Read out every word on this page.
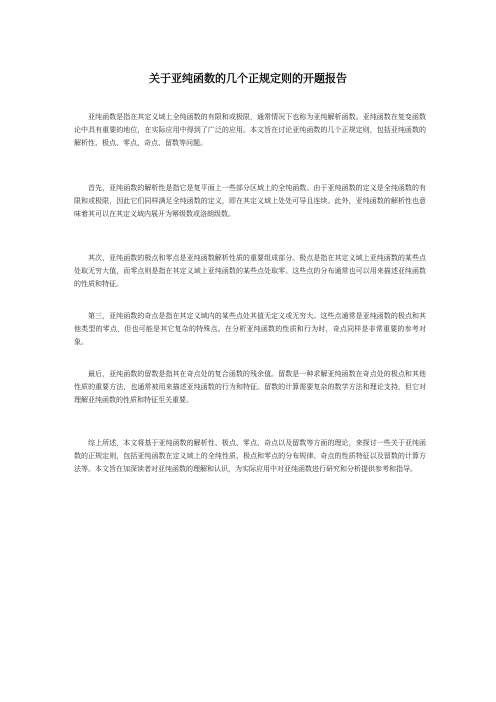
关于亚纯函数的几个正规定则的开题报告

亚纯函数是指在其定义域上全纯函数的有限和或极限，通常情况下也称为亚纯解析函数。亚纯函数在复变函数论中具有重要的地位，在实际应用中得到了广泛的应用。本文旨在讨论亚纯函数的几个正规定则，包括亚纯函数的解析性、极点、零点、奇点、留数等问题。

首先，亚纯函数的解析性是指它是复平面上一些部分区域上的全纯函数。由于亚纯函数的定义是全纯函数的有限和或极限，因此它们同样满足全纯函数的定义，即在其定义域上处处可导且连续。此外，亚纯函数的解析性也意味着其可以在其定义域内展开为幂级数或洛朗级数。

其次，亚纯函数的极点和零点是亚纯函数解析性质的重要组成部分。极点是指在其定义域上亚纯函数的某些点处取无穷大值，而零点则是指在其定义域上亚纯函数的某些点处取零。这些点的分布通常也可以用来描述亚纯函数的性质和特征。

第三，亚纯函数的奇点是指在其定义域内的某些点处其值无定义或无穷大。这些点通常是亚纯函数的极点和其他类型的零点，但也可能是其它复杂的特殊点。在分析亚纯函数的性质和行为时，奇点同样是非常重要的参考对象。

最后，亚纯函数的留数是指其在奇点处的复合函数的残余值。留数是一种求解亚纯函数在奇点处的极点和其他性质的重要方法，也通常被用来描述亚纯函数的行为和特征。留数的计算需要复杂的数学方法和理论支持，但它对理解亚纯函数的性质和特征至关重要。

综上所述，本文将基于亚纯函数的解析性、极点、零点、奇点以及留数等方面的理论，来探讨一些关于亚纯函数的正规定则，包括亚纯函数在定义域上的全纯性质、极点和零点的分布规律、奇点的性质特征以及留数的计算方法等。本文旨在加深读者对亚纯函数的理解和认识，为实际应用中对亚纯函数进行研究和分析提供参考和指导。
